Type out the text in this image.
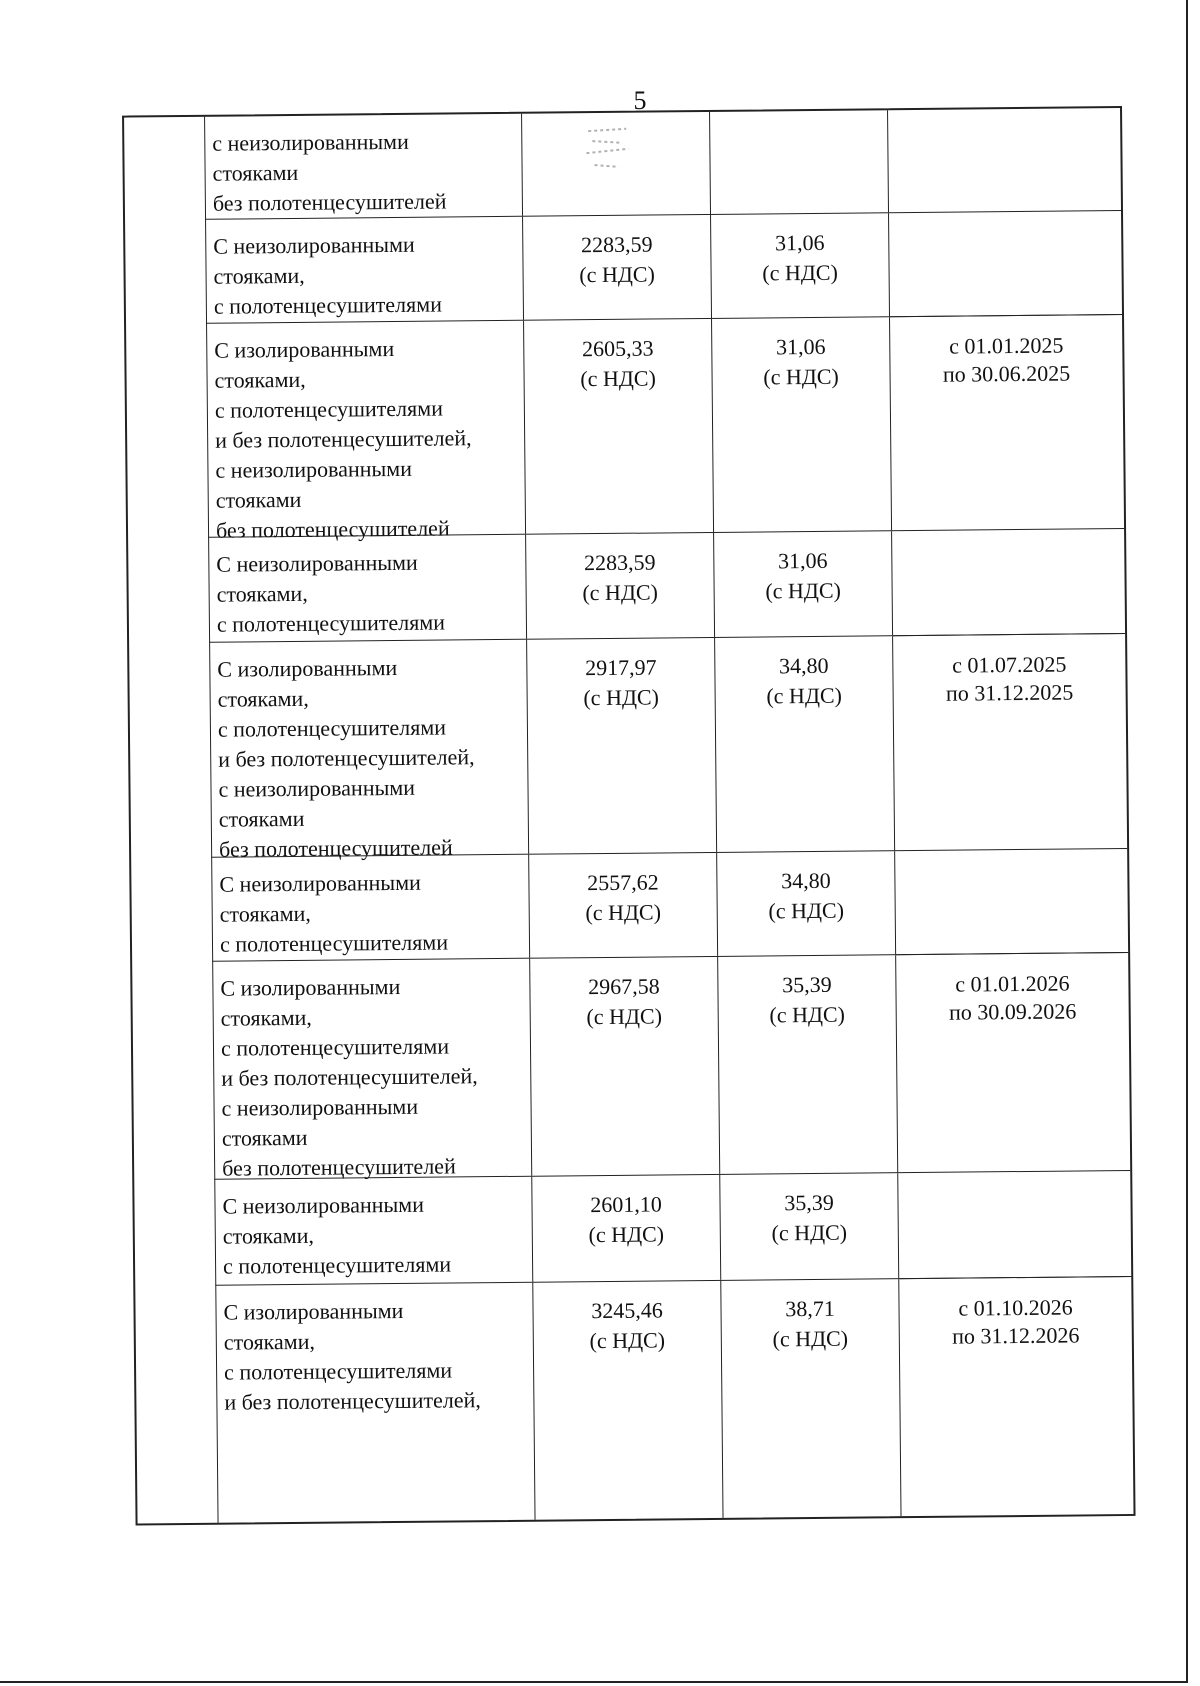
5
с неизолированными
стояками
без полотенцесушителей
С неизолированными
стояками,
с полотенцесушителями
2283,59
(с НДС)
31,06
(с НДС)
С изолированными
стояками,
с полотенцесушителями
и без полотенцесушителей,
с неизолированными
стояками
без полотенцесушителей
2605,33
(с НДС)
31,06
(с НДС)
С неизолированными
стояками,
с полотенцесушителями
2283,59
(с НДС)
31,06
(с НДС)
С изолированными
стояками,
с полотенцесушителями
и без полотенцесушителей,
с неизолированными
стояками
без полотенцесушителей
2917,97
(с НДС)
34,80
(с НДС)
С неизолированными
стояками,
с полотенцесушителями
2557,62
(с НДС)
34,80
(с НДС)
С изолированными
стояками,
с полотенцесушителями
и без полотенцесушителей,
с неизолированными
стояками
без полотенцесушителей
2967,58
(с НДС)
35,39
(с НДС)
С неизолированными
стояками,
с полотенцесушителями
2601,10
(с НДС)
35,39
(с НДС)
С изолированными
стояками,
с полотенцесушителями
и без полотенцесушителей,
3245,46
(с НДС)
38,71
(с НДС)
с 01.01.2025
по 30.06.2025
с 01.07.2025
по 31.12.2025
с 01.01.2026
по 30.09.2026
с 01.10.2026
по 31.12.2026
